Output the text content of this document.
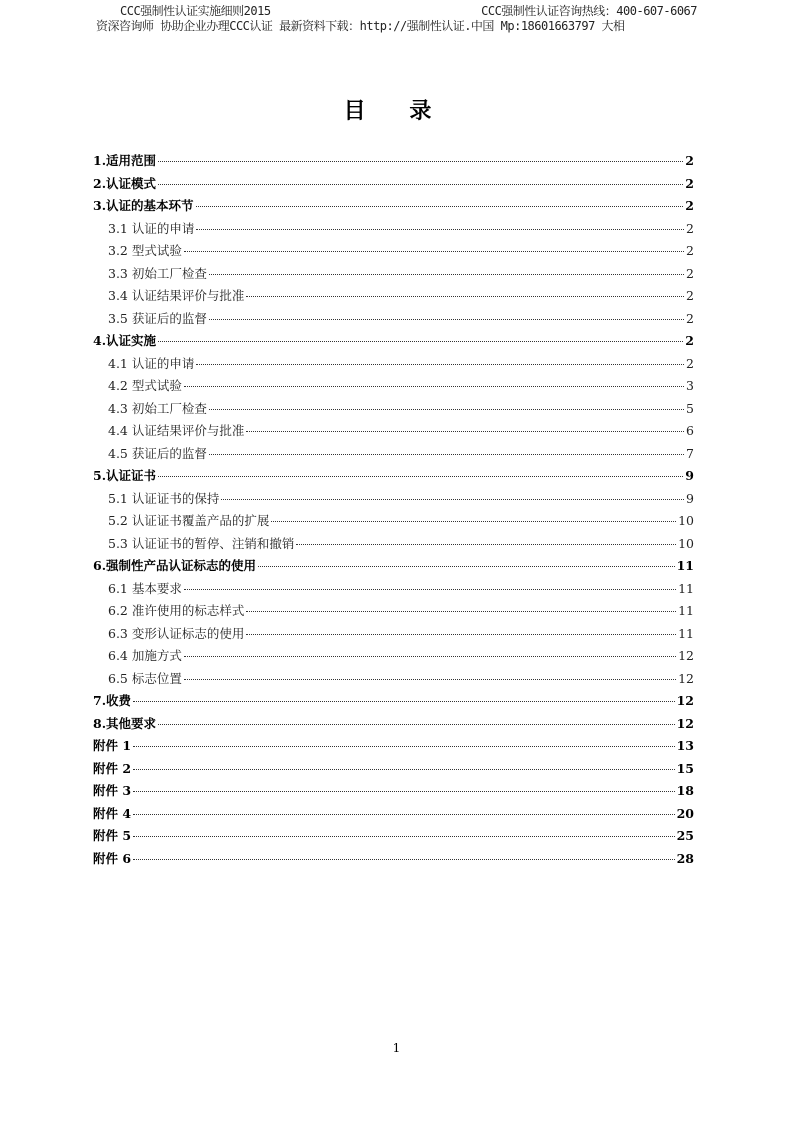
CCC强制性认证实施细则2015	CCC强制性认证咨询热线：400-607-6067
资深咨询师 协助企业办理CCC认证 最新资料下载：http://强制性认证.中国 Mp:18601663797 大相
目 录
1.适用范围	2
2.认证模式	2
3.认证的基本环节	2
3.1 认证的申请	2
3.2 型式试验	2
3.3 初始工厂检查	2
3.4 认证结果评价与批准	2
3.5 获证后的监督	2
4.认证实施	2
4.1 认证的申请	2
4.2 型式试验	3
4.3 初始工厂检查	5
4.4 认证结果评价与批准	6
4.5 获证后的监督	7
5.认证证书	9
5.1 认证证书的保持	9
5.2 认证证书覆盖产品的扩展	10
5.3 认证证书的暂停、注销和撤销	10
6.强制性产品认证标志的使用	11
6.1 基本要求	11
6.2 准许使用的标志样式	11
6.3 变形认证标志的使用	11
6.4 加施方式	12
6.5 标志位置	12
7.收费	12
8.其他要求	12
附件 1	13
附件 2	15
附件 3	18
附件 4	20
附件 5	25
附件 6	28
1
